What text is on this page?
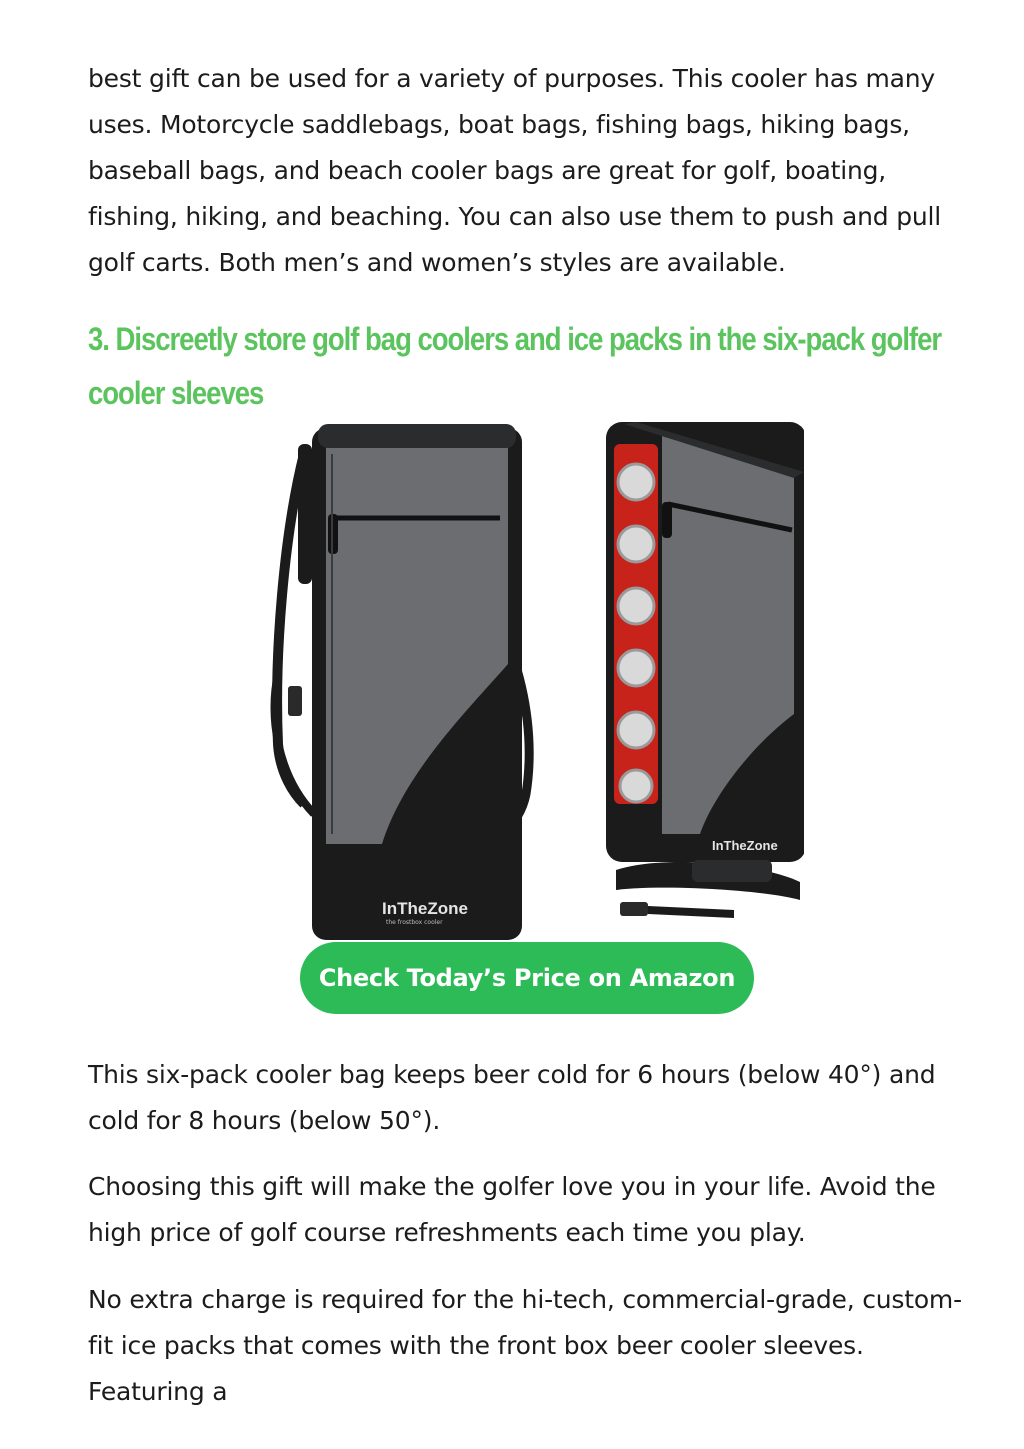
best gift can be used for a variety of purposes. This cooler has many uses. Motorcycle saddlebags, boat bags, fishing bags, hiking bags, baseball bags, and beach cooler bags are great for golf, boating, fishing, hiking, and beaching. You can also use them to push and pull golf carts. Both men’s and women’s styles are available.

3. Discreetly store golf bag coolers and ice packs in the six-pack golfer cooler sleeves
InTheZone
the frostbox cooler
InTheZone
Check Today’s Price on Amazon

This six-pack cooler bag keeps beer cold for 6 hours (below 40°) and cold for 8 hours (below 50°).

Choosing this gift will make the golfer love you in your life. Avoid the high price of golf course refreshments each time you play.

No extra charge is required for the hi-tech, commercial-grade, custom-fit ice packs that comes with the front box beer cooler sleeves. Featuring a
